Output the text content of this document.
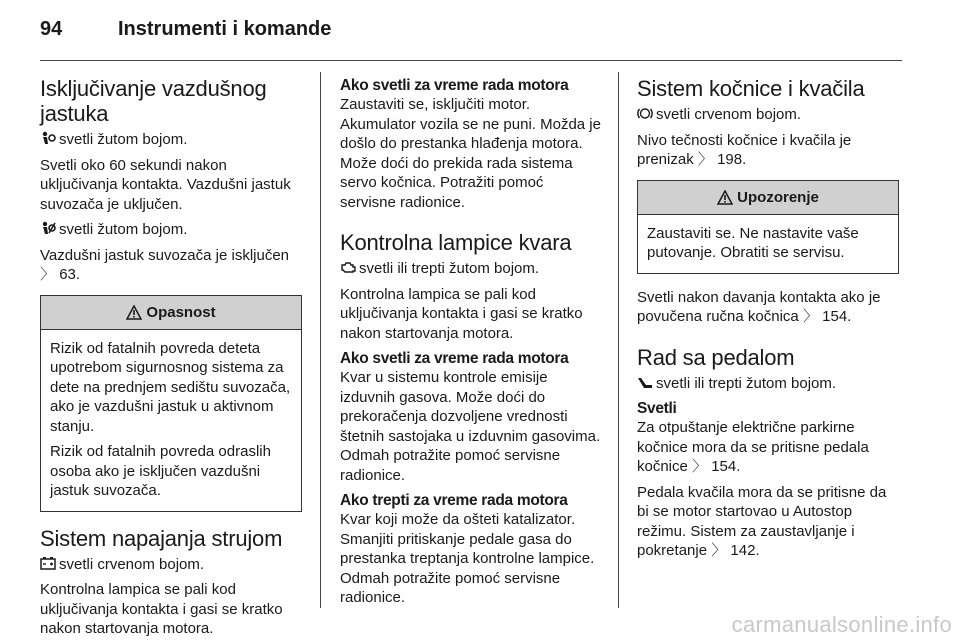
94	Instrumenti i komande
Isključivanje vazdušnog jastuka

svetli žutom bojom.

Svetli oko 60 sekundi nakon uključivanja kontakta. Vazdušni jastuk suvozača je uključen.

svetli žutom bojom.

Vazdušni jastuk suvozača je isključen 〉 63.

Opasnost

Rizik od fatalnih povreda deteta upotrebom sigurnosnog sistema za dete na prednjem sedištu suvozača, ako je vazdušni jastuk u aktivnom stanju.

Rizik od fatalnih povreda odraslih osoba ako je isključen vazdušni jastuk suvozača.

Sistem napajanja strujom

svetli crvenom bojom.

Kontrolna lampica se pali kod uključivanja kontakta i gasi se kratko nakon startovanja motora.

Ako svetli za vreme rada motora

Zaustaviti se, isključiti motor. Akumulator vozila se ne puni. Možda je došlo do prestanka hlađenja motora. Može doći do prekida rada sistema servo kočnica. Potražiti pomoć servisne radionice.

Kontrolna lampice kvara

svetli ili trepti žutom bojom.

Kontrolna lampica se pali kod uključivanja kontakta i gasi se kratko nakon startovanja motora.

Ako svetli za vreme rada motora

Kvar u sistemu kontrole emisije izduvnih gasova. Može doći do prekoračenja dozvoljene vrednosti štetnih sastojaka u izduvnim gasovima. Odmah potražite pomoć servisne radionice.

Ako trepti za vreme rada motora

Kvar koji može da ošteti katalizator. Smanjiti pritiskanje pedale gasa do prestanka treptanja kontrolne lampice. Odmah potražite pomoć servisne radionice.

Sistem kočnice i kvačila

svetli crvenom bojom.

Nivo tečnosti kočnice i kvačila je prenizak 〉 198.

Upozorenje

Zaustaviti se. Ne nastavite vaše putovanje. Obratiti se servisu.

Svetli nakon davanja kontakta ako je povučena ručna kočnica 〉 154.

Rad sa pedalom

svetli ili trepti žutom bojom.

Svetli

Za otpuštanje električne parkirne kočnice mora da se pritisne pedala kočnice 〉 154.

Pedala kvačila mora da se pritisne da bi se motor startovao u Autostop režimu. Sistem za zaustavljanje i pokretanje 〉 142.

carmanualsonline.info
